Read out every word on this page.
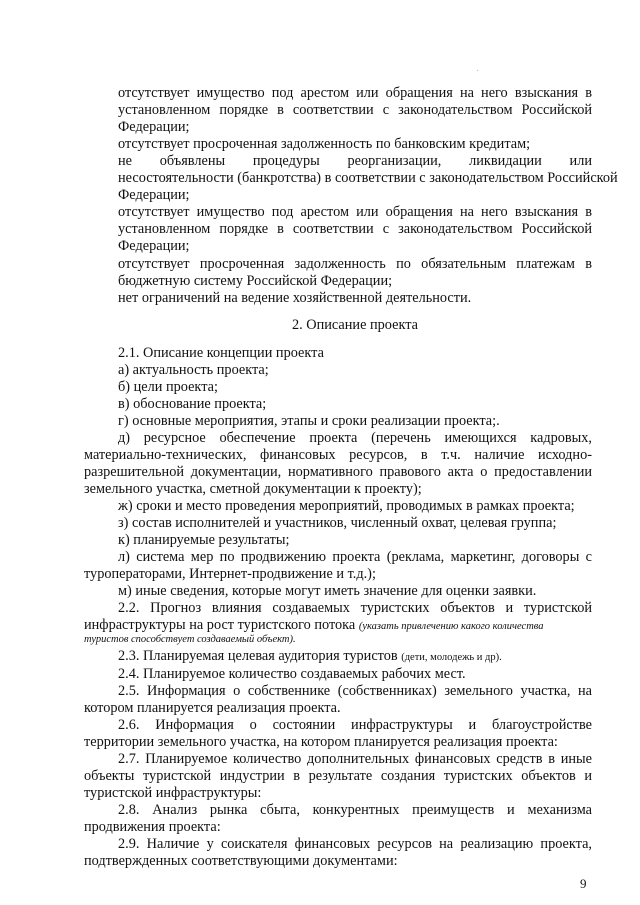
·
отсутствует имущество под арестом или обращения на него взыскания в
установленном порядке в соответствии с законодательством Российской
Федерации;
отсутствует просроченная задолженность по банковским кредитам;
не объявлены процедуры реорганизации, ликвидации или
несостоятельности (банкротства) в соответствии с законодательством Российской
Федерации;
отсутствует имущество под арестом или обращения на него взыскания в
установленном порядке в соответствии с законодательством Российской
Федерации;
отсутствует просроченная задолженность по обязательным платежам в
бюджетную систему Российской Федерации;
нет ограничений на ведение хозяйственной деятельности.
2. Описание проекта
2.1. Описание концепции проекта
а) актуальность проекта;
б) цели проекта;
в) обоснование проекта;
г) основные мероприятия, этапы и сроки реализации проекта;.
д) ресурсное обеспечение проекта (перечень имеющихся кадровых,
материально-технических, финансовых ресурсов, в т.ч. наличие исходно-
разрешительной документации, нормативного правового акта о предоставлении
земельного участка, сметной документации к проекту);
ж) сроки и место проведения мероприятий, проводимых в рамках проекта;
з) состав исполнителей и участников, численный охват, целевая группа;
к) планируемые результаты;
л) система мер по продвижению проекта (реклама, маркетинг, договоры с
туроператорами, Интернет-продвижение и т.д.);
м) иные сведения, которые могут иметь значение для оценки заявки.
2.2. Прогноз влияния создаваемых туристских объектов и туристской
инфраструктуры на рост туристского потока (указать привлечению какого количества
туристов способствует создаваемый объект).
2.3. Планируемая целевая аудитория туристов (дети, молодежь и др).
2.4. Планируемое количество создаваемых рабочих мест.
2.5. Информация о собственнике (собственниках) земельного участка, на
котором планируется реализация проекта.
2.6. Информация о состоянии инфраструктуры и благоустройстве
территории земельного участка, на котором планируется реализация проекта:
2.7. Планируемое количество дополнительных финансовых средств в иные
объекты туристской индустрии в результате создания туристских объектов и
туристской инфраструктуры:
2.8. Анализ рынка сбыта, конкурентных преимуществ и механизма
продвижения проекта:
2.9. Наличие у соискателя финансовых ресурсов на реализацию проекта,
подтвержденных соответствующими документами:
9
